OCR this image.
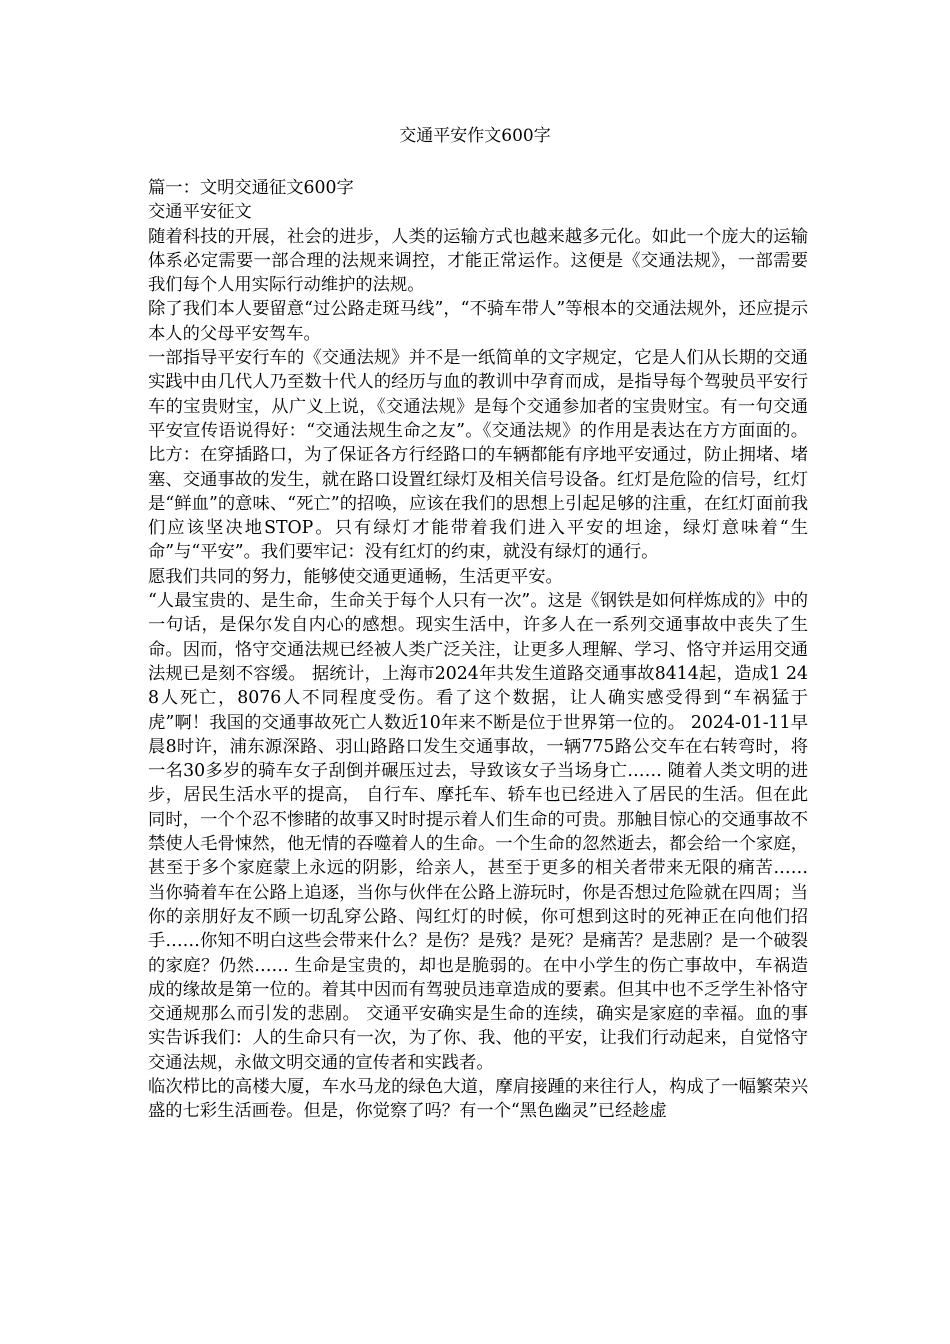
交通平安作文600字

篇一：文明交通征文600字

交通平安征文

随着科技的开展，社会的进步，人类的运输方式也越来越多元化。如此一个庞大的运输体系必定需要一部合理的法规来调控，才能正常运作。这便是《交通法规》，一部需要我们每个人用实际行动维护的法规。

除了我们本人要留意“过公路走斑马线”，“不骑车带人”等根本的交通法规外，还应提示本人的父母平安驾车。

一部指导平安行车的《交通法规》并不是一纸简单的文字规定，它是人们从长期的交通实践中由几代人乃至数十代人的经历与血的教训中孕育而成，是指导每个驾驶员平安行车的宝贵财宝，从广义上说，《交通法规》是每个交通参加者的宝贵财宝。有一句交通平安宣传语说得好：“交通法规生命之友”。《交通法规》的作用是表达在方方面面的。比方：在穿插路口，为了保证各方行经路口的车辆都能有序地平安通过，防止拥堵、堵塞、交通事故的发生，就在路口设置红绿灯及相关信号设备。红灯是危险的信号，红灯是“鲜血”的意味、“死亡”的招唤，应该在我们的思想上引起足够的注重，在红灯面前我们应该坚决地STOP。只有绿灯才能带着我们进入平安的坦途，绿灯意味着“生命”与“平安”。我们要牢记：没有红灯的约束，就没有绿灯的通行。

愿我们共同的努力，能够使交通更通畅，生活更平安。

“人最宝贵的、是生命，生命关于每个人只有一次”。这是《钢铁是如何样炼成的》中的一句话，是保尔发自内心的感想。现实生活中，许多人在一系列交通事故中丧失了生命。因而，恪守交通法规已经被人类广泛关注，让更多人理解、学习、恪守并运用交通法规已是刻不容缓。 据统计，上海市2024年共发生道路交通事故8414起，造成1 248人死亡，8076人不同程度受伤。看了这个数据，让人确实感受得到“车祸猛于虎”啊！我国的交通事故死亡人数近10年来不断是位于世界第一位的。 2024-01-11早晨8时许，浦东源深路、羽山路路口发生交通事故，一辆775路公交车在右转弯时，将一名30多岁的骑车女子刮倒并碾压过去，导致该女子当场身亡…… 随着人类文明的进步，居民生活水平的提高， 自行车、摩托车、轿车也已经进入了居民的生活。但在此同时，一个个忍不惨睹的故事又时时提示着人们生命的可贵。那触目惊心的交通事故不禁使人毛骨悚然，他无情的吞噬着人的生命。一个生命的忽然逝去，都会给一个家庭，甚至于多个家庭蒙上永远的阴影，给亲人，甚至于更多的相关者带来无限的痛苦…… 当你骑着车在公路上追逐，当你与伙伴在公路上游玩时，你是否想过危险就在四周；当你的亲朋好友不顾一切乱穿公路、闯红灯的时候，你可想到这时的死神正在向他们招手……你知不明白这些会带来什么？是伤？是残？是死？是痛苦？是悲剧？是一个破裂的家庭？仍然…… 生命是宝贵的，却也是脆弱的。在中小学生的伤亡事故中，车祸造成的缘故是第一位的。着其中因而有驾驶员违章造成的要素。但其中也不乏学生补恪守交通规那么而引发的悲剧。 交通平安确实是生命的连续，确实是家庭的幸福。血的事实告诉我们：人的生命只有一次，为了你、我、他的平安，让我们行动起来，自觉恪守交通法规，永做文明交通的宣传者和实践者。

临次栉比的高楼大厦，车水马龙的绿色大道，摩肩接踵的来往行人，构成了一幅繁荣兴盛的七彩生活画卷。但是，你觉察了吗？有一个“黑色幽灵”已经趁虚
